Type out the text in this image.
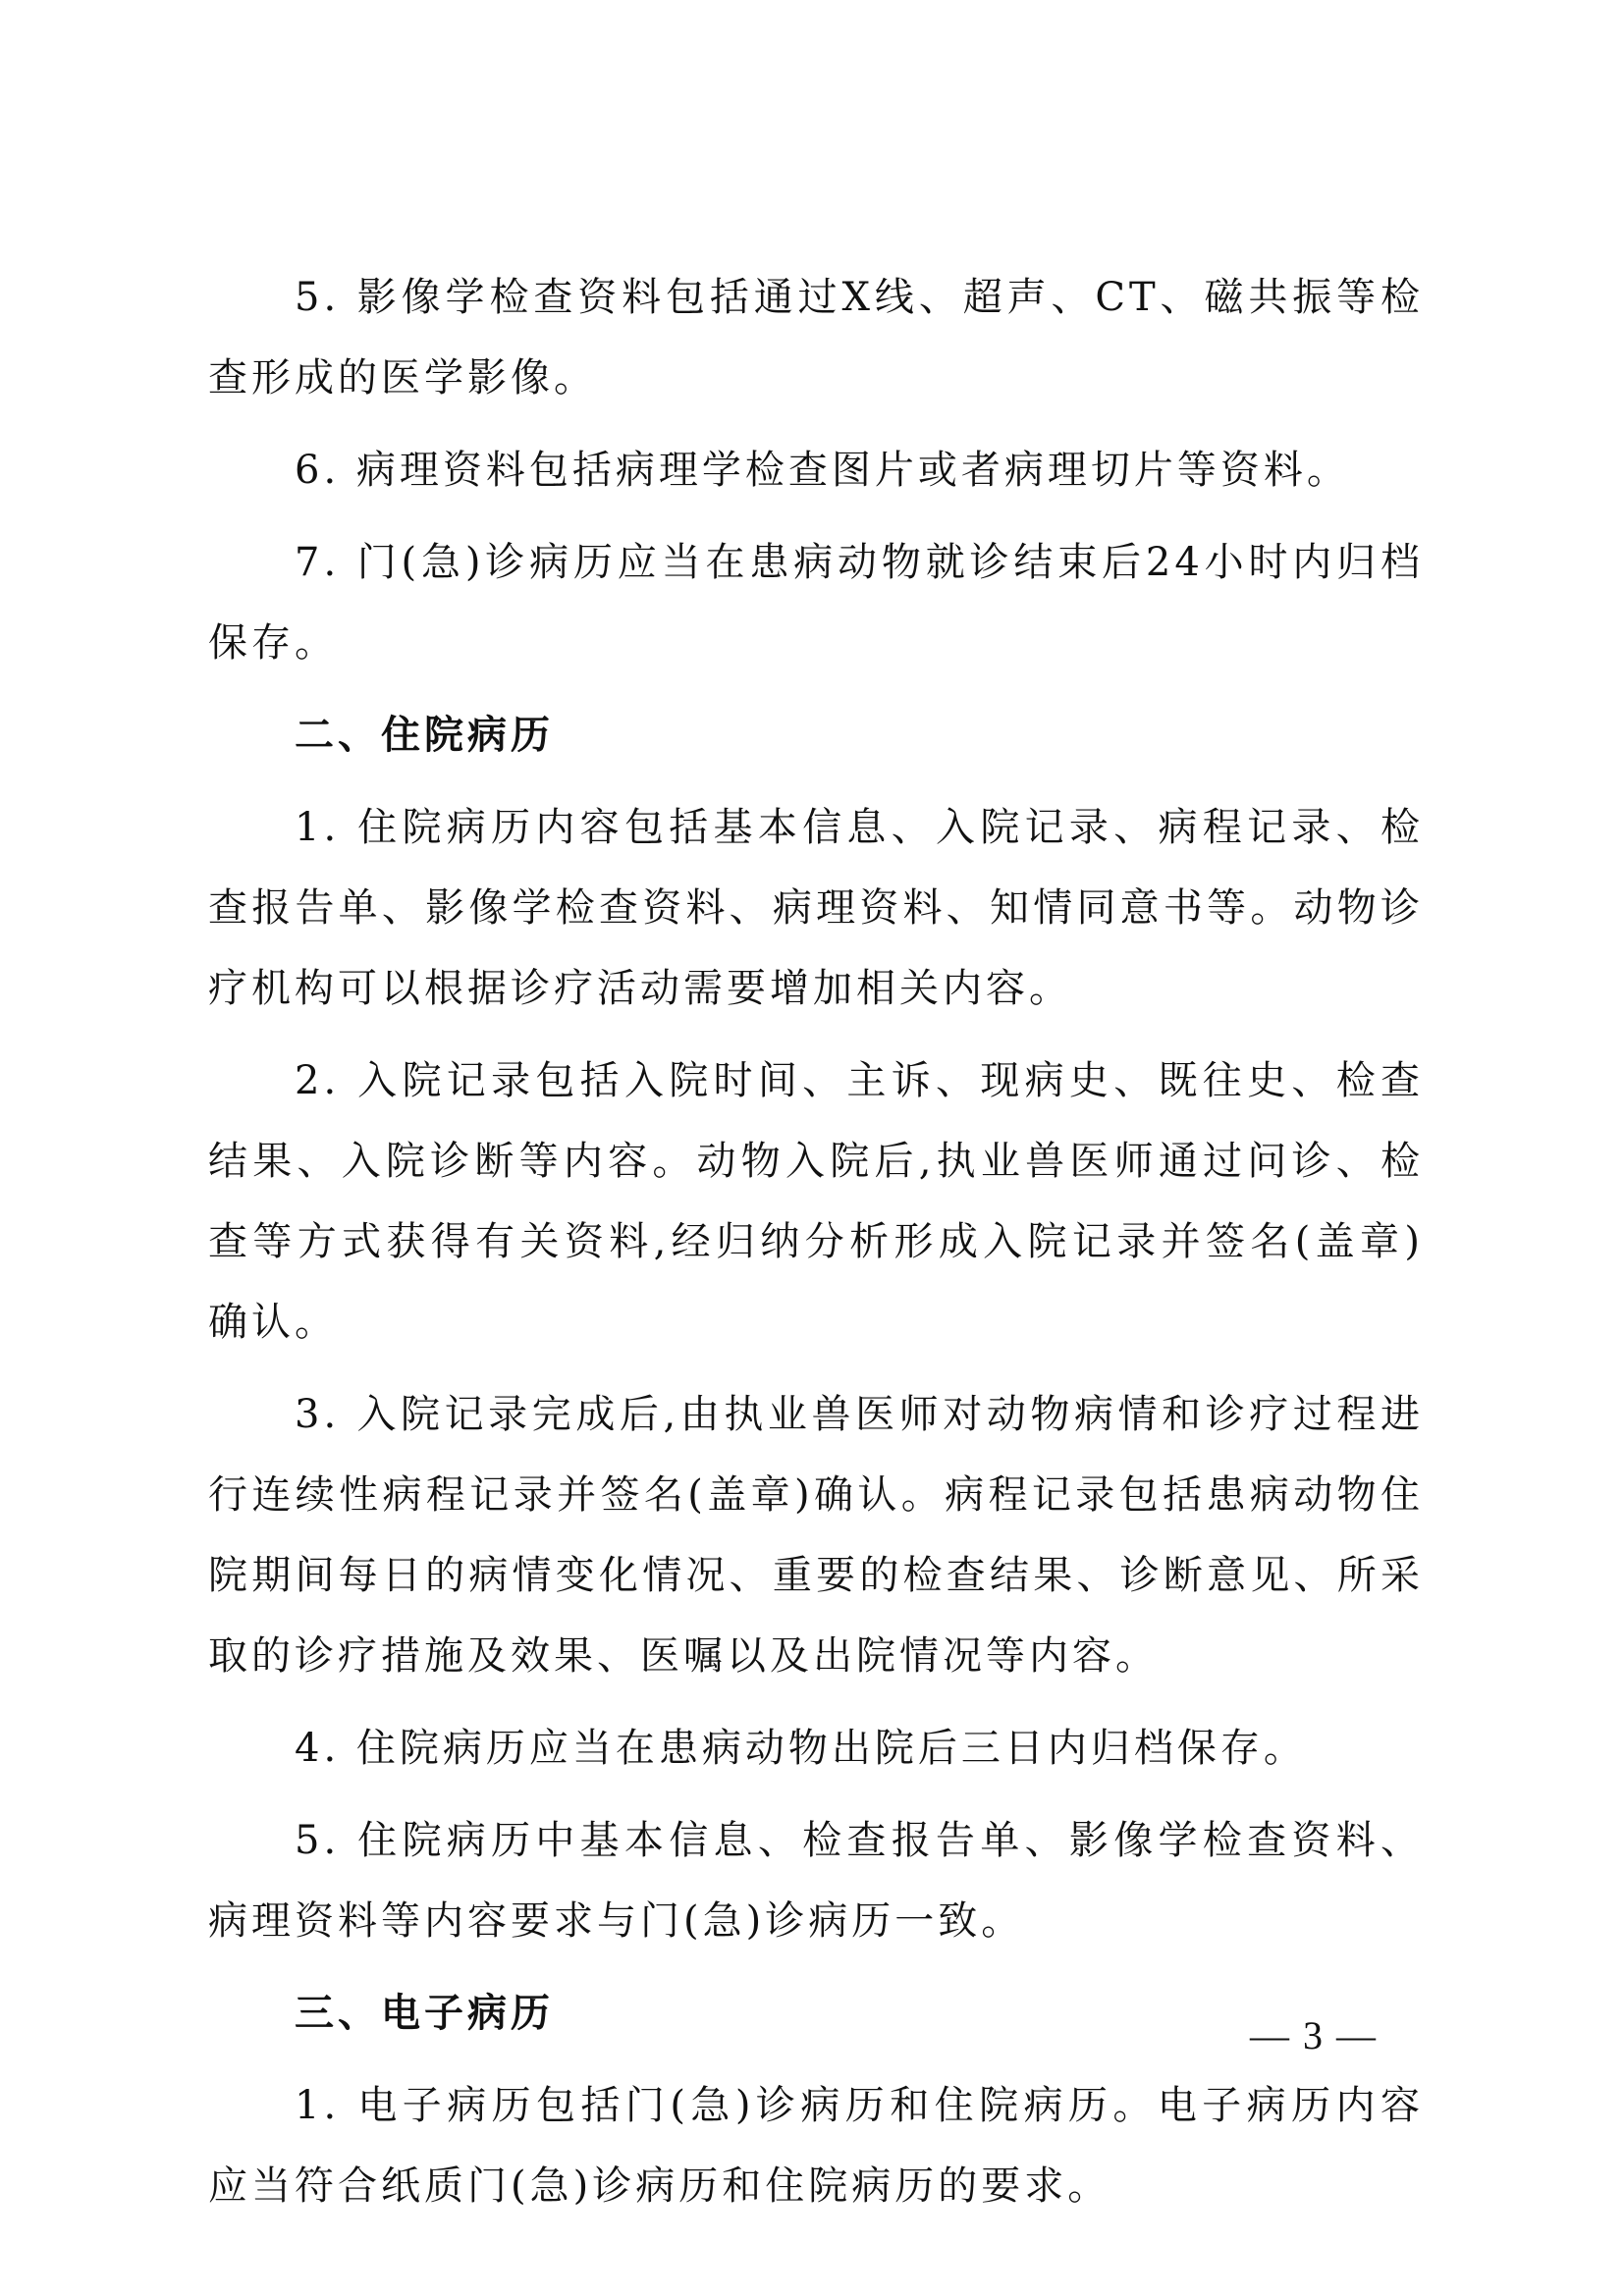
5. 影像学检查资料包括通过X线、超声、CT、磁共振等检查形成的医学影像。

6. 病理资料包括病理学检查图片或者病理切片等资料。

7. 门(急)诊病历应当在患病动物就诊结束后24小时内归档保存。

二、住院病历

1. 住院病历内容包括基本信息、入院记录、病程记录、检查报告单、影像学检查资料、病理资料、知情同意书等。动物诊疗机构可以根据诊疗活动需要增加相关内容。

2. 入院记录包括入院时间、主诉、现病史、既往史、检查结果、入院诊断等内容。动物入院后,执业兽医师通过问诊、检查等方式获得有关资料,经归纳分析形成入院记录并签名(盖章)确认。

3. 入院记录完成后,由执业兽医师对动物病情和诊疗过程进行连续性病程记录并签名(盖章)确认。病程记录包括患病动物住院期间每日的病情变化情况、重要的检查结果、诊断意见、所采取的诊疗措施及效果、医嘱以及出院情况等内容。

4. 住院病历应当在患病动物出院后三日内归档保存。

5. 住院病历中基本信息、检查报告单、影像学检查资料、病理资料等内容要求与门(急)诊病历一致。

三、电子病历

1. 电子病历包括门(急)诊病历和住院病历。电子病历内容应当符合纸质门(急)诊病历和住院病历的要求。

— 3 —
